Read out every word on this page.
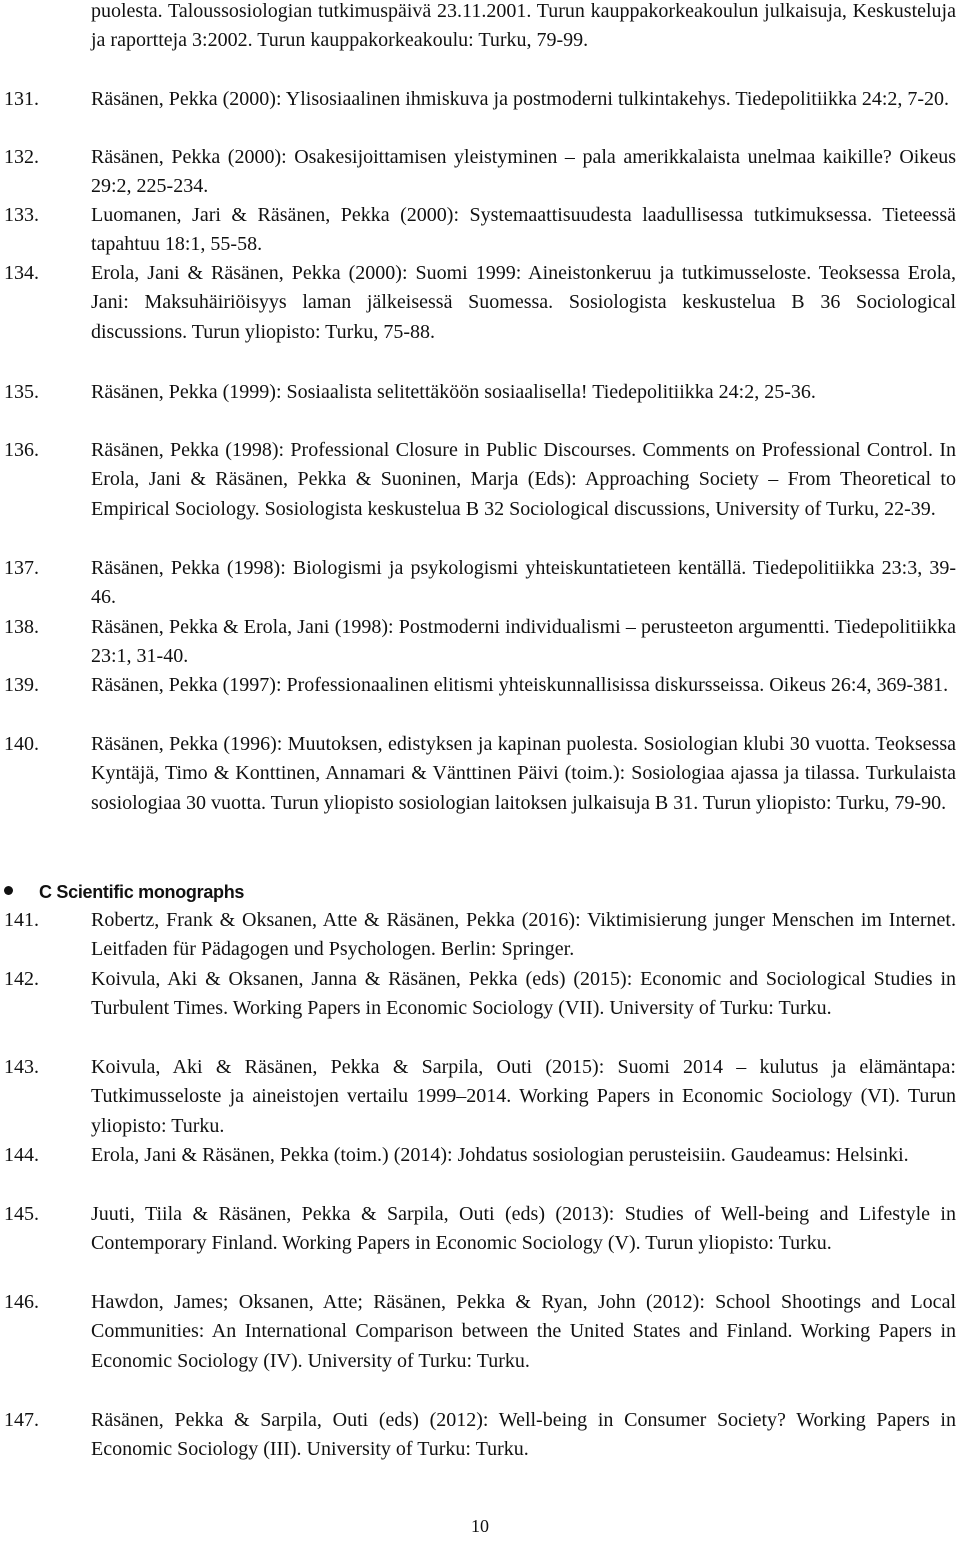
puolesta. Taloussosiologian tutkimuspäivä 23.11.2001. Turun kauppakorkeakoulun julkaisuja, Keskusteluja ja raportteja 3:2002. Turun kauppakorkeakoulu: Turku, 79-99.
131.	Räsänen, Pekka (2000): Ylisosiaalinen ihmiskuva ja postmoderni tulkintakehys. Tiedepolitiikka 24:2, 7-20.
132.	Räsänen, Pekka (2000): Osakesijoittamisen yleistyminen – pala amerikkalaista unelmaa kaikille? Oikeus 29:2, 225-234.
133.	Luomanen, Jari & Räsänen, Pekka (2000): Systemaattisuudesta laadullisessa tutkimuksessa. Tieteessä tapahtuu 18:1, 55-58.
134.	Erola, Jani & Räsänen, Pekka (2000): Suomi 1999: Aineistonkeruu ja tutkimusseloste. Teoksessa Erola, Jani: Maksuhäiriöisyys laman jälkeisessä Suomessa. Sosiologista keskustelua B 36 Sociological discussions. Turun yliopisto: Turku, 75-88.
135.	Räsänen, Pekka (1999): Sosiaalista selitettäköön sosiaalisella! Tiedepolitiikka 24:2, 25-36.
136.	Räsänen, Pekka (1998): Professional Closure in Public Discourses. Comments on Professional Control. In Erola, Jani & Räsänen, Pekka & Suoninen, Marja (Eds): Approaching Society – From Theoretical to Empirical Sociology. Sosiologista keskustelua B 32 Sociological discussions, University of Turku, 22-39.
137.	Räsänen, Pekka (1998): Biologismi ja psykologismi yhteiskuntatieteen kentällä. Tiedepolitiikka 23:3, 39-46.
138.	Räsänen, Pekka & Erola, Jani (1998): Postmoderni individualismi – perusteeton argumentti. Tiedepolitiikka 23:1, 31-40.
139.	Räsänen, Pekka (1997): Professionaalinen elitismi yhteiskunnallisissa diskursseissa. Oikeus 26:4, 369-381.
140.	Räsänen, Pekka (1996): Muutoksen, edistyksen ja kapinan puolesta. Sosiologian klubi 30 vuotta. Teoksessa Kyntäjä, Timo & Konttinen, Annamari & Vänttinen Päivi (toim.): Sosiologiaa ajassa ja tilassa. Turkulaista sosiologiaa 30 vuotta. Turun yliopisto sosiologian laitoksen julkaisuja B 31. Turun yliopisto: Turku, 79-90.
C Scientific monographs
141.	Robertz, Frank & Oksanen, Atte & Räsänen, Pekka (2016): Viktimisierung junger Menschen im Internet. Leitfaden für Pädagogen und Psychologen. Berlin: Springer.
142.	Koivula, Aki & Oksanen, Janna & Räsänen, Pekka (eds) (2015): Economic and Sociological Studies in Turbulent Times. Working Papers in Economic Sociology (VII). University of Turku: Turku.
143.	Koivula, Aki & Räsänen, Pekka & Sarpila, Outi (2015): Suomi 2014 – kulutus ja elämäntapa: Tutkimusseloste ja aineistojen vertailu 1999–2014. Working Papers in Economic Sociology (VI). Turun yliopisto: Turku.
144.	Erola, Jani & Räsänen, Pekka (toim.) (2014): Johdatus sosiologian perusteisiin. Gaudeamus: Helsinki.
145.	Juuti, Tiila & Räsänen, Pekka & Sarpila, Outi (eds) (2013): Studies of Well-being and Lifestyle in Contemporary Finland. Working Papers in Economic Sociology (V). Turun yliopisto: Turku.
146.	Hawdon, James; Oksanen, Atte; Räsänen, Pekka & Ryan, John (2012): School Shootings and Local Communities: An International Comparison between the United States and Finland. Working Papers in Economic Sociology (IV). University of Turku: Turku.
147.	Räsänen, Pekka & Sarpila, Outi (eds) (2012): Well-being in Consumer Society? Working Papers in Economic Sociology (III). University of Turku: Turku.
10
